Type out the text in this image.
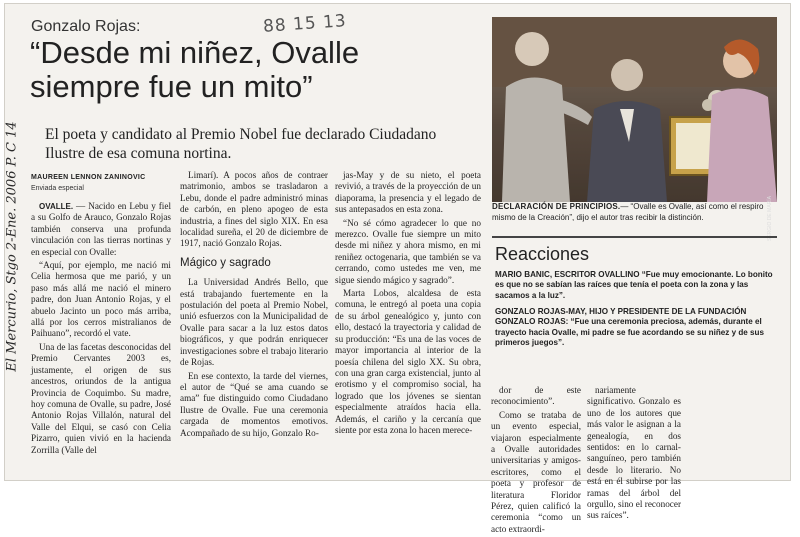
El Mercurio, Stgo 2-Ene. 2006 P. C 14
88 15 13
Gonzalo Rojas:
“Desde mi niñez, Ovalle
siempre fue un mito”
El poeta y candidato al Premio Nobel fue declarado Ciudadano Ilustre de esa comuna nortina.
MAUREEN LENNON ZANINOVIC
Enviada especial

OVALLE. — Nacido en Lebu y fiel a su Golfo de Arauco, Gonzalo Rojas también conserva una profunda vinculación con las tierras nortinas y en especial con Ovalle:

“Aquí, por ejemplo, me nació mi Celia hermosa que me parió, y un paso más allá me nació el minero padre, don Juan Antonio Rojas, y el abuelo Jacinto un poco más arriba, allá por los cerros mistralianos de Paihuano”, recordó el vate.

Una de las facetas desconocidas del Premio Cervantes 2003 es, justamente, el origen de sus ancestros, oriundos de la antigua Provincia de Coquimbo. Su madre, hoy comuna de Ovalle, su padre, José Antonio Rojas Villalón, natural del Valle del Elqui, se casó con Celia Pizarro, quien vivió en la hacienda Zorrilla (Valle del

Limarí). A pocos años de contraer matrimonio, ambos se trasladaron a Lebu, donde el padre administró minas de carbón, en pleno apogeo de esta industria, a fines del siglo XIX. En esa localidad sureña, el 20 de diciembre de 1917, nació Gonzalo Rojas.

Mágico y sagrado

La Universidad Andrés Bello, que está trabajando fuertemente en la postulación del poeta al Premio Nobel, unió esfuerzos con la Municipalidad de Ovalle para sacar a la luz estos datos biográficos, y que podrán enriquecer investigaciones sobre el trabajo literario de Rojas.

En ese contexto, la tarde del viernes, el autor de “Qué se ama cuando se ama” fue distinguido como Ciudadano Ilustre de Ovalle. Fue una ceremonia cargada de momentos emotivos. Acompañado de su hijo, Gonzalo Ro-

jas-May y de su nieto, el poeta revivió, a través de la proyección de un diaporama, la presencia y el legado de sus antepasados en esta zona.

“No sé cómo agradecer lo que no merezco. Ovalle fue siempre un mito desde mi niñez y ahora mismo, en mi reniñez octogenaria, que también se va cerrando, como ustedes me ven, me sigue siendo mágico y sagrado”.

Marta Lobos, alcaldesa de esta comuna, le entregó al poeta una copia de su árbol genealógico y, junto con ello, destacó la trayectoria y calidad de su producción: “Es una de las voces de mayor importancia al interior de la poesía chilena del siglo XX. Su obra, con una gran carga existencial, junto al erotismo y el compromiso social, ha logrado que los jóvenes se sientan especialmente atraídos hacia ella. Además, el cariño y la cercanía que siente por esta zona lo hacen merece-

SERGIO DE MARÍA
DECLARACIÓN DE PRINCIPIOS.— “Ovalle es Ovalle, así como el respiro mismo de la Creación”, dijo el autor tras recibir la distinción.
Reacciones
MARIO BANIC, ESCRITOR OVALLINO “Fue muy emocionante. Lo bonito es que no se sabían las raíces que tenía el poeta con la zona y las sacamos a la luz”.
GONZALO ROJAS-MAY, HIJO Y PRESIDENTE DE LA FUNDACIÓN GONZALO ROJAS: “Fue una ceremonia preciosa, además, durante el trayecto hacia Ovalle, mi padre se fue acordando se su niñez y de sus primeros juegos”.

dor de este reconocimiento”.

Como se trataba de un evento especial, viajaron especialmente a Ovalle autoridades universitarias y amigos-escritores, como el poeta y profesor de literatura Floridor Pérez, quien calificó la ceremonia “como un acto extraordi-

nariamente significativo. Gonzalo es uno de los autores que más valor le asignan a la genealogía, en dos sentidos: en lo carnal-sanguíneo, pero también desde lo literario. No está en él subirse por las ramas del árbol del orgullo, sino el reconocer sus raíces”.
